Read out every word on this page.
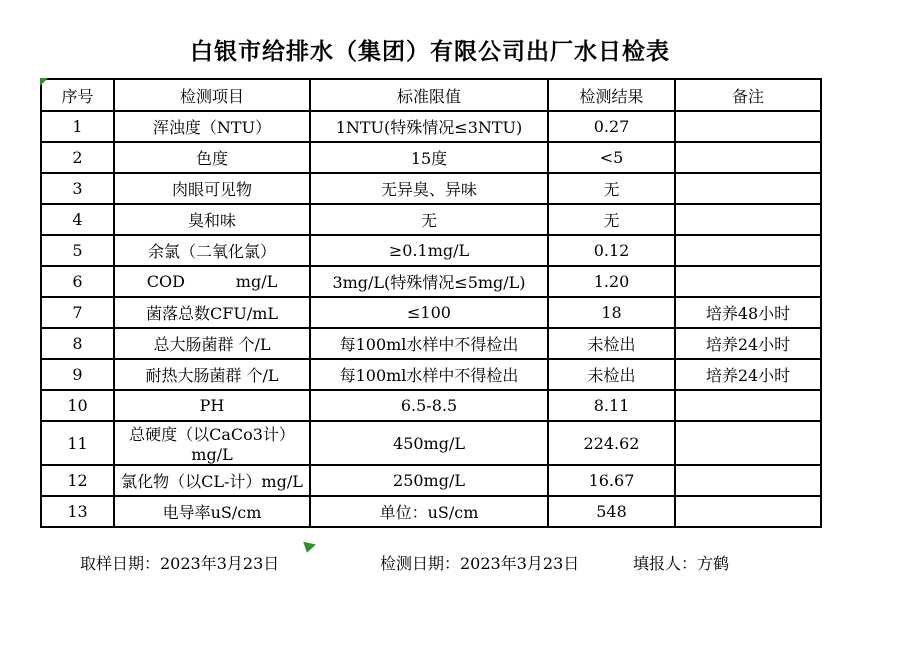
白银市给排水（集团）有限公司出厂水日检表
序号	检测项目	标准限值	检测结果	备注
1	浑浊度（NTU）	1NTU(特殊情况≤3NTU)	0.27	
2	色度	15度	<5	
3	肉眼可见物	无异臭、异味	无	
4	臭和味	无	无	
5	余氯（二氧化氯）	≥0.1mg/L	0.12	
6	COD          mg/L	3mg/L(特殊情况≤5mg/L)	1.20	
7	菌落总数CFU/mL	≤100	18	培养48小时
8	总大肠菌群 个/L	每100ml水样中不得检出	未检出	培养24小时
9	耐热大肠菌群 个/L	每100ml水样中不得检出	未检出	培养24小时
10	PH	6.5-8.5	8.11	
11	总硬度（以CaCo3计）mg/L	450mg/L	224.62	
12	氯化物（以CL-计）mg/L	250mg/L	16.67	
13	电导率uS/cm	单位：uS/cm	548	
取样日期：2023年3月23日	检测日期：2023年3月23日	填报人：方鹤
